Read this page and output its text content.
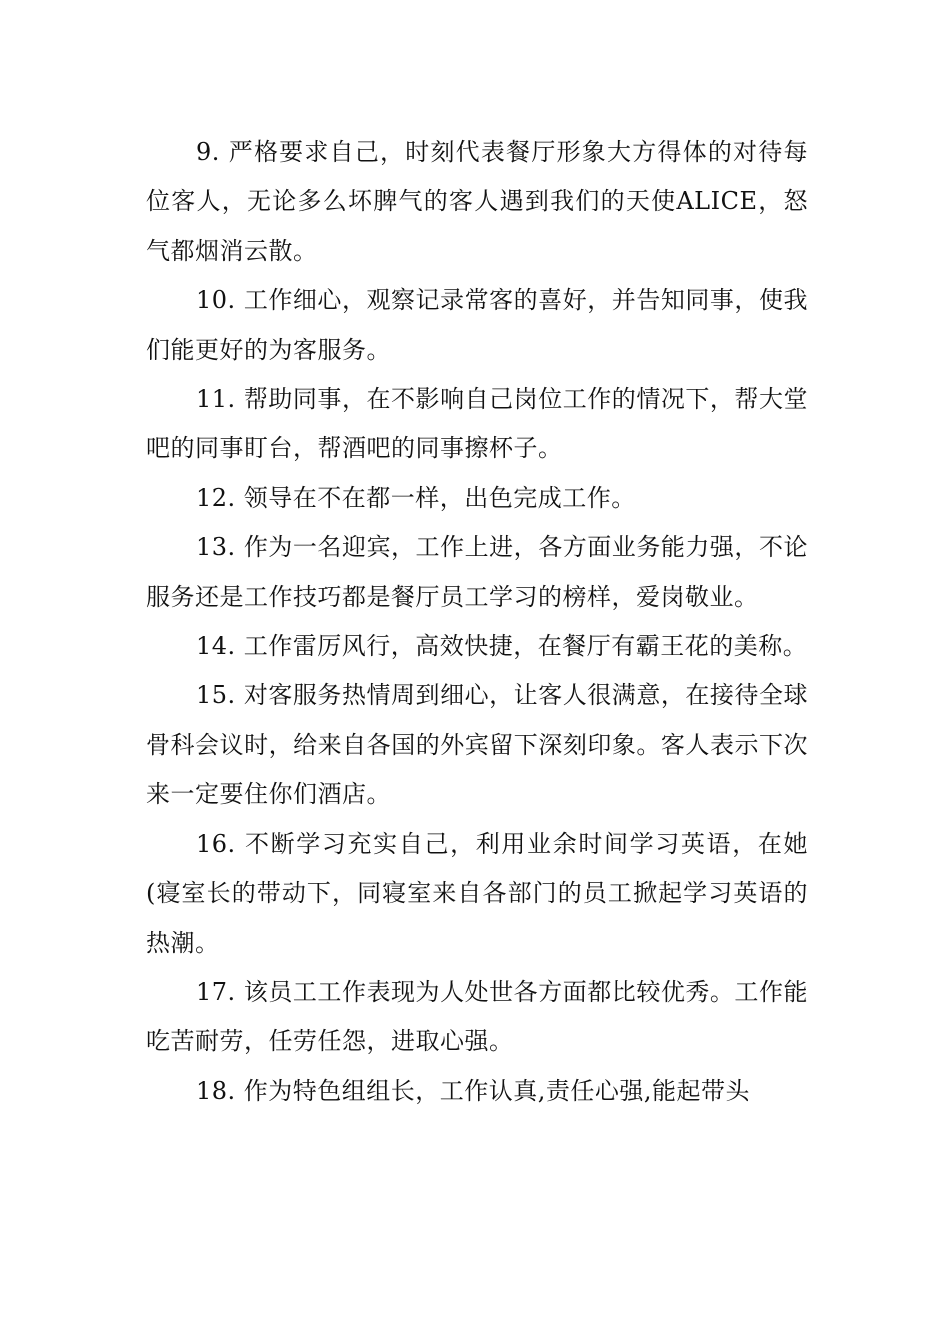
9. 严格要求自己，时刻代表餐厅形象大方得体的对待每位客人，无论多么坏脾气的客人遇到我们的天使ALICE，怒气都烟消云散。

10. 工作细心，观察记录常客的喜好，并告知同事，使我们能更好的为客服务。

11. 帮助同事，在不影响自己岗位工作的情况下，帮大堂吧的同事盯台，帮酒吧的同事擦杯子。

12. 领导在不在都一样，出色完成工作。

13. 作为一名迎宾，工作上进，各方面业务能力强，不论服务还是工作技巧都是餐厅员工学习的榜样，爱岗敬业。

14. 工作雷厉风行，高效快捷，在餐厅有霸王花的美称。

15. 对客服务热情周到细心，让客人很满意，在接待全球骨科会议时，给来自各国的外宾留下深刻印象。客人表示下次来一定要住你们酒店。

16. 不断学习充实自己，利用业余时间学习英语，在她(寝室长的带动下，同寝室来自各部门的员工掀起学习英语的热潮。

17. 该员工工作表现为人处世各方面都比较优秀。工作能吃苦耐劳，任劳任怨，进取心强。

18. 作为特色组组长，工作认真,责任心强,能起带头
